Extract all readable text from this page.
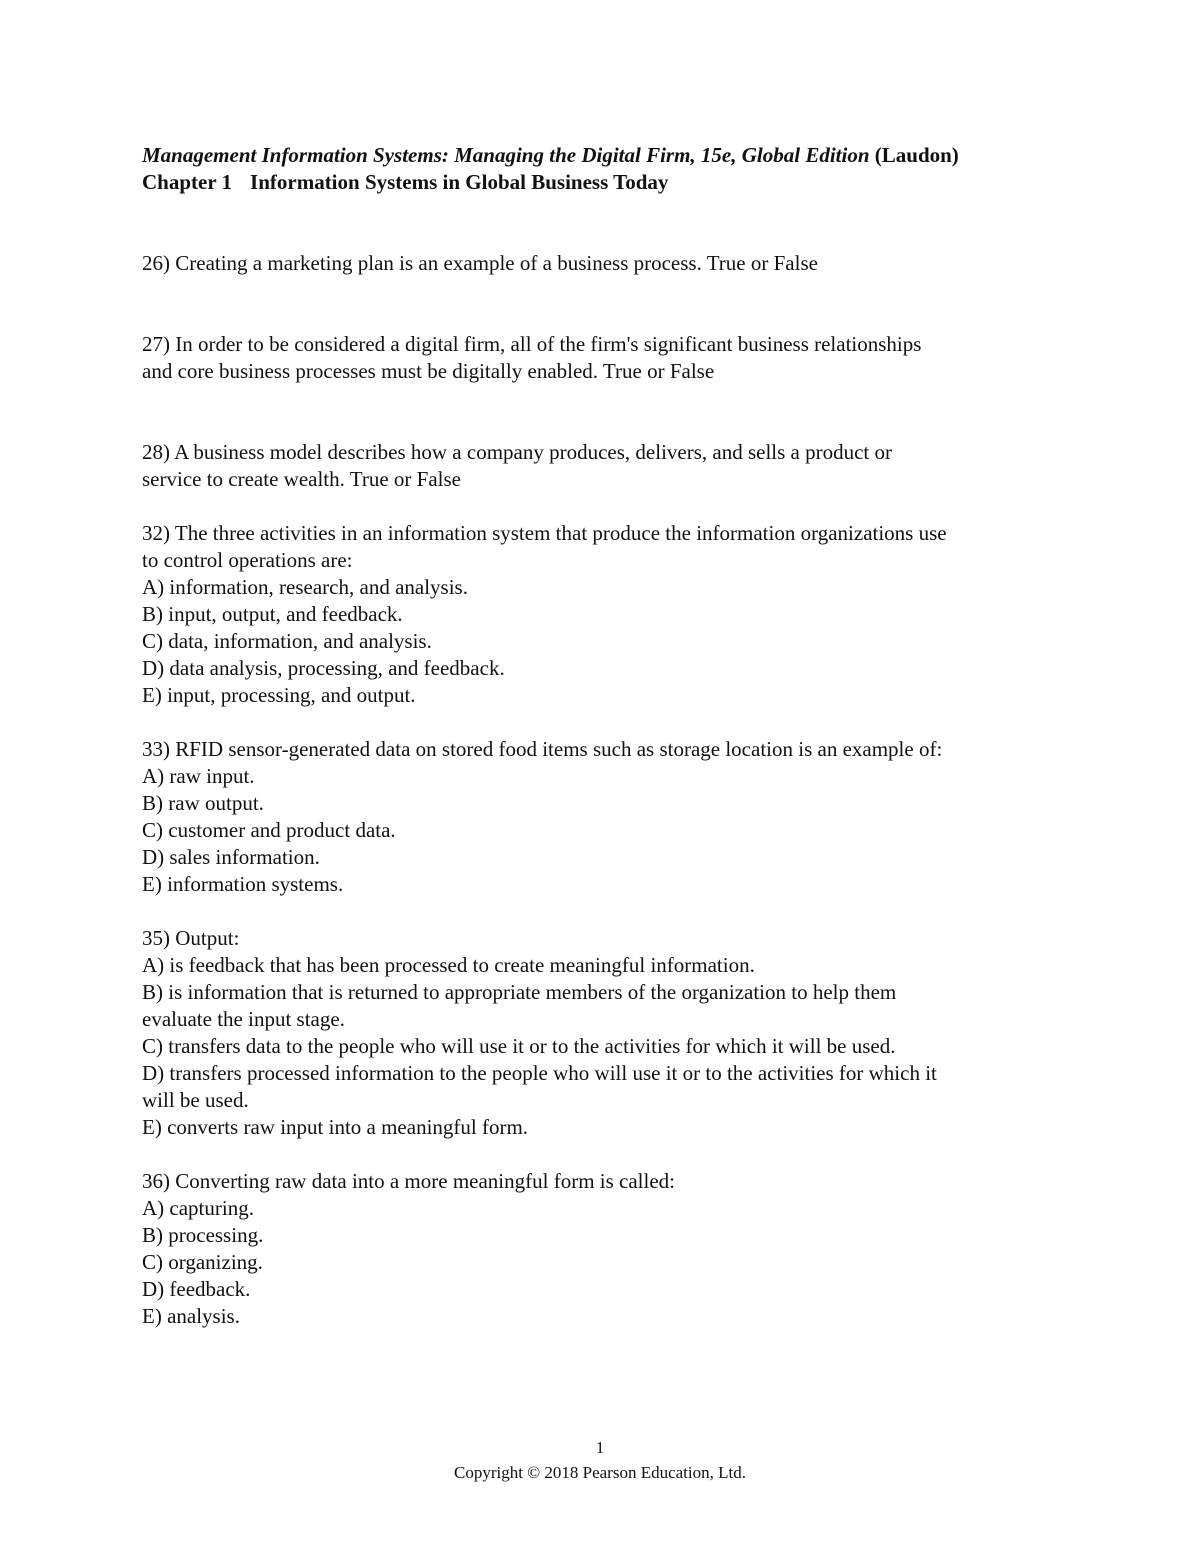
Management Information Systems: Managing the Digital Firm, 15e, Global Edition (Laudon)
Chapter 1 Information Systems in Global Business Today

26) Creating a marketing plan is an example of a business process. True or False

27) In order to be considered a digital firm, all of the firm's significant business relationships

and core business processes must be digitally enabled. True or False

28) A business model describes how a company produces, delivers, and sells a product or

service to create wealth. True or False

32) The three activities in an information system that produce the information organizations use

to control operations are:

A) information, research, and analysis.
B) input, output, and feedback.
C) data, information, and analysis.
D) data analysis, processing, and feedback.
E) input, processing, and output.

33) RFID sensor-generated data on stored food items such as storage location is an example of:

A) raw input.
B) raw output.
C) customer and product data.
D) sales information.
E) information systems.

35) Output:

A) is feedback that has been processed to create meaningful information.
B) is information that is returned to appropriate members of the organization to help them
evaluate the input stage.
C) transfers data to the people who will use it or to the activities for which it will be used.
D) transfers processed information to the people who will use it or to the activities for which it
will be used.
E) converts raw input into a meaningful form.

36) Converting raw data into a more meaningful form is called:

A) capturing.
B) processing.
C) organizing.
D) feedback.
E) analysis.
1
Copyright © 2018 Pearson Education, Ltd.
